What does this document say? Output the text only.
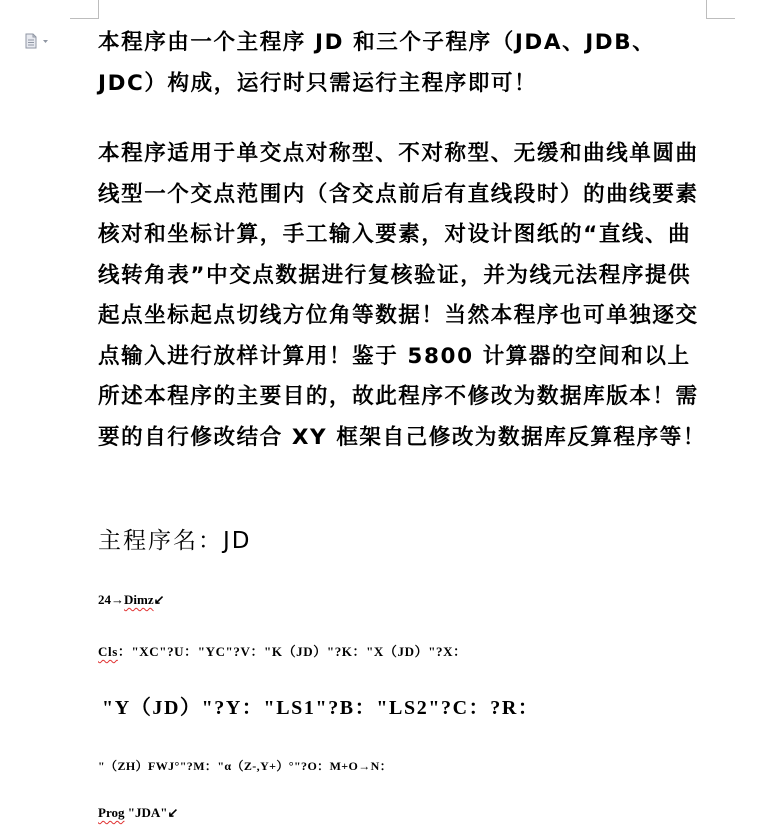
本程序由一个主程序 JD 和三个子程序（JDA、JDB、JDC）构成，运行时只需运行主程序即可！

本程序适用于单交点对称型、不对称型、无缓和曲线单圆曲线型一个交点范围内（含交点前后有直线段时）的曲线要素核对和坐标计算，手工输入要素，对设计图纸的“直线、曲线转角表”中交点数据进行复核验证，并为线元法程序提供起点坐标起点切线方位角等数据！当然本程序也可单独逐交点输入进行放样计算用！鉴于 5800 计算器的空间和以上所述本程序的主要目的，故此程序不修改为数据库版本！需要的自行修改结合 XY 框架自己修改为数据库反算程序等！

主程序名：JD

24→Dimz↙

Cls："XC"?U："YC"?V："K（JD）"?K："X（JD）"?X：

"Y（JD）"?Y："LS1"?B："LS2"?C：?R：

"（ZH）FWJ°"?M："α（Z-,Y+）°"?O：M+O→N：

Prog "JDA"↙
